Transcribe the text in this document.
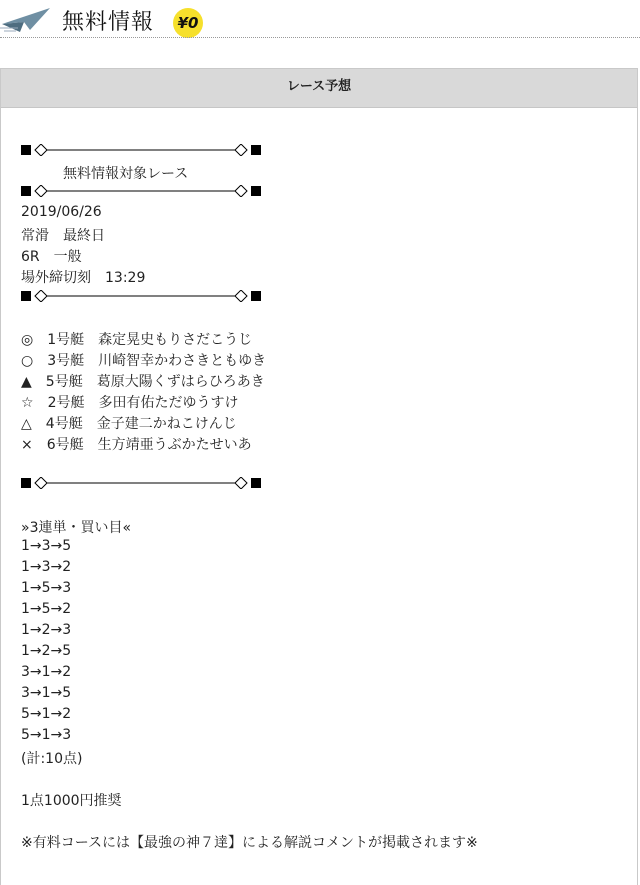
無料情報	¥0
レース予想
無料情報対象レース
2019/06/26
常滑　最終日
6R　一般
場外締切刻　13:29
◎　 1号艇　森定晃史もりさだこうじ
○　 3号艇　川崎智幸かわさきともゆき
▲　 5号艇　葛原大陽くずはらひろあき
☆　 2号艇　多田有佑ただゆうすけ
△　 4号艇　金子建二かねこけんじ
×　 6号艇　生方靖亜うぶかたせいあ
»3連単・買い目«
1→3→5
1→3→2
1→5→3
1→5→2
1→2→3
1→2→5
3→1→2
3→1→5
5→1→2
5→1→3
(計:10点)
1点1000円推奨
※有料コースには【最強の神７達】による解説コメントが掲載されます※
